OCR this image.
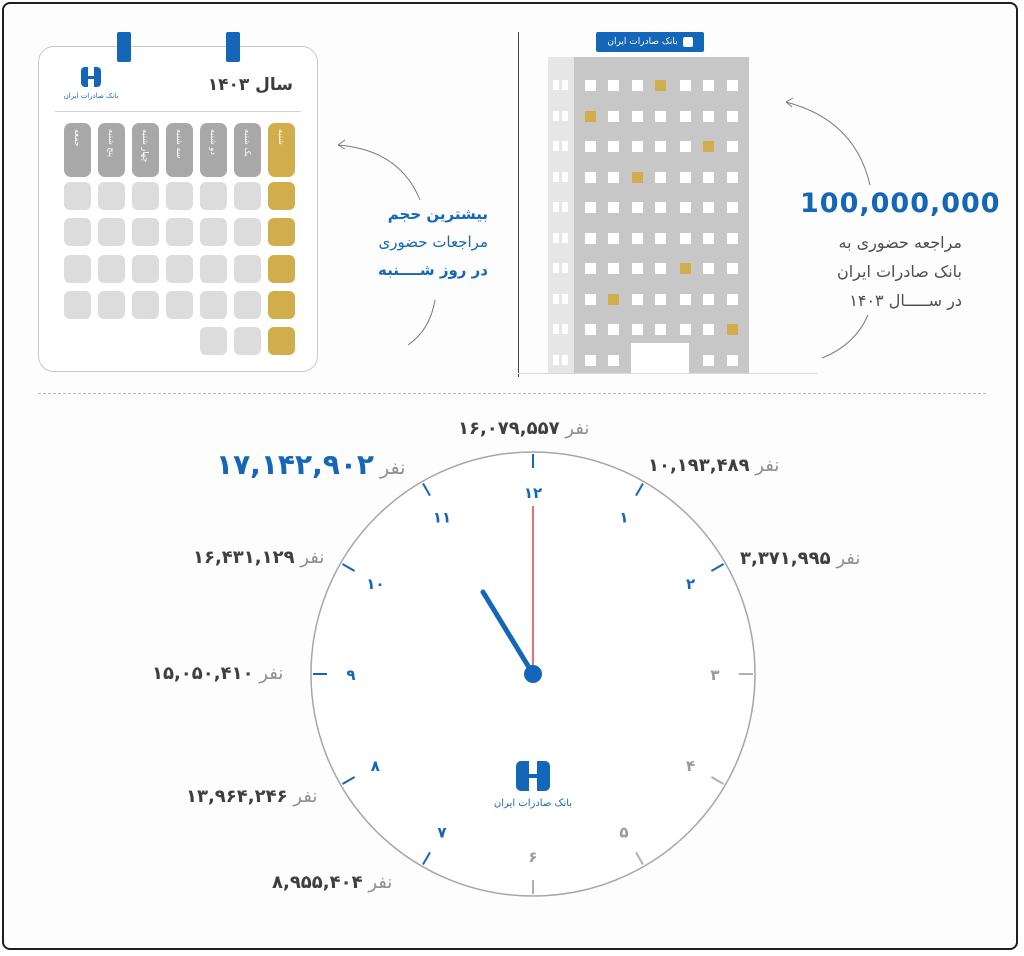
بانک صادرات ایران
سال ۱۴۰۳
شنبه
یک شنبه
دو شنبه
سه شنبه
چهار شنبه
پنج شنبه
جمعه
بیشترین حجم
مراجعات حضوری
در روز شــــنبه
بانک صادرات ایران
100,000,000
مراجعه حضوری به
بانک صادرات ایران
در ســـــال ۱۴۰۳
۱۲
۱
۲
۳
۴
۵
۶
۷
۸
۹
۱۰
۱۱
بانک صادرات ایران
نفر ۱۶,۰۷۹,۵۵۷
نفر ۱۰,۱۹۳,۴۸۹
نفر ۳,۳۷۱,۹۹۵
نفر ۸,۹۵۵,۴۰۴
نفر ۱۳,۹۶۴,۲۴۶
نفر ۱۵,۰۵۰,۴۱۰
نفر ۱۶,۴۳۱,۱۲۹
نفر ۱۷,۱۴۲,۹۰۲
